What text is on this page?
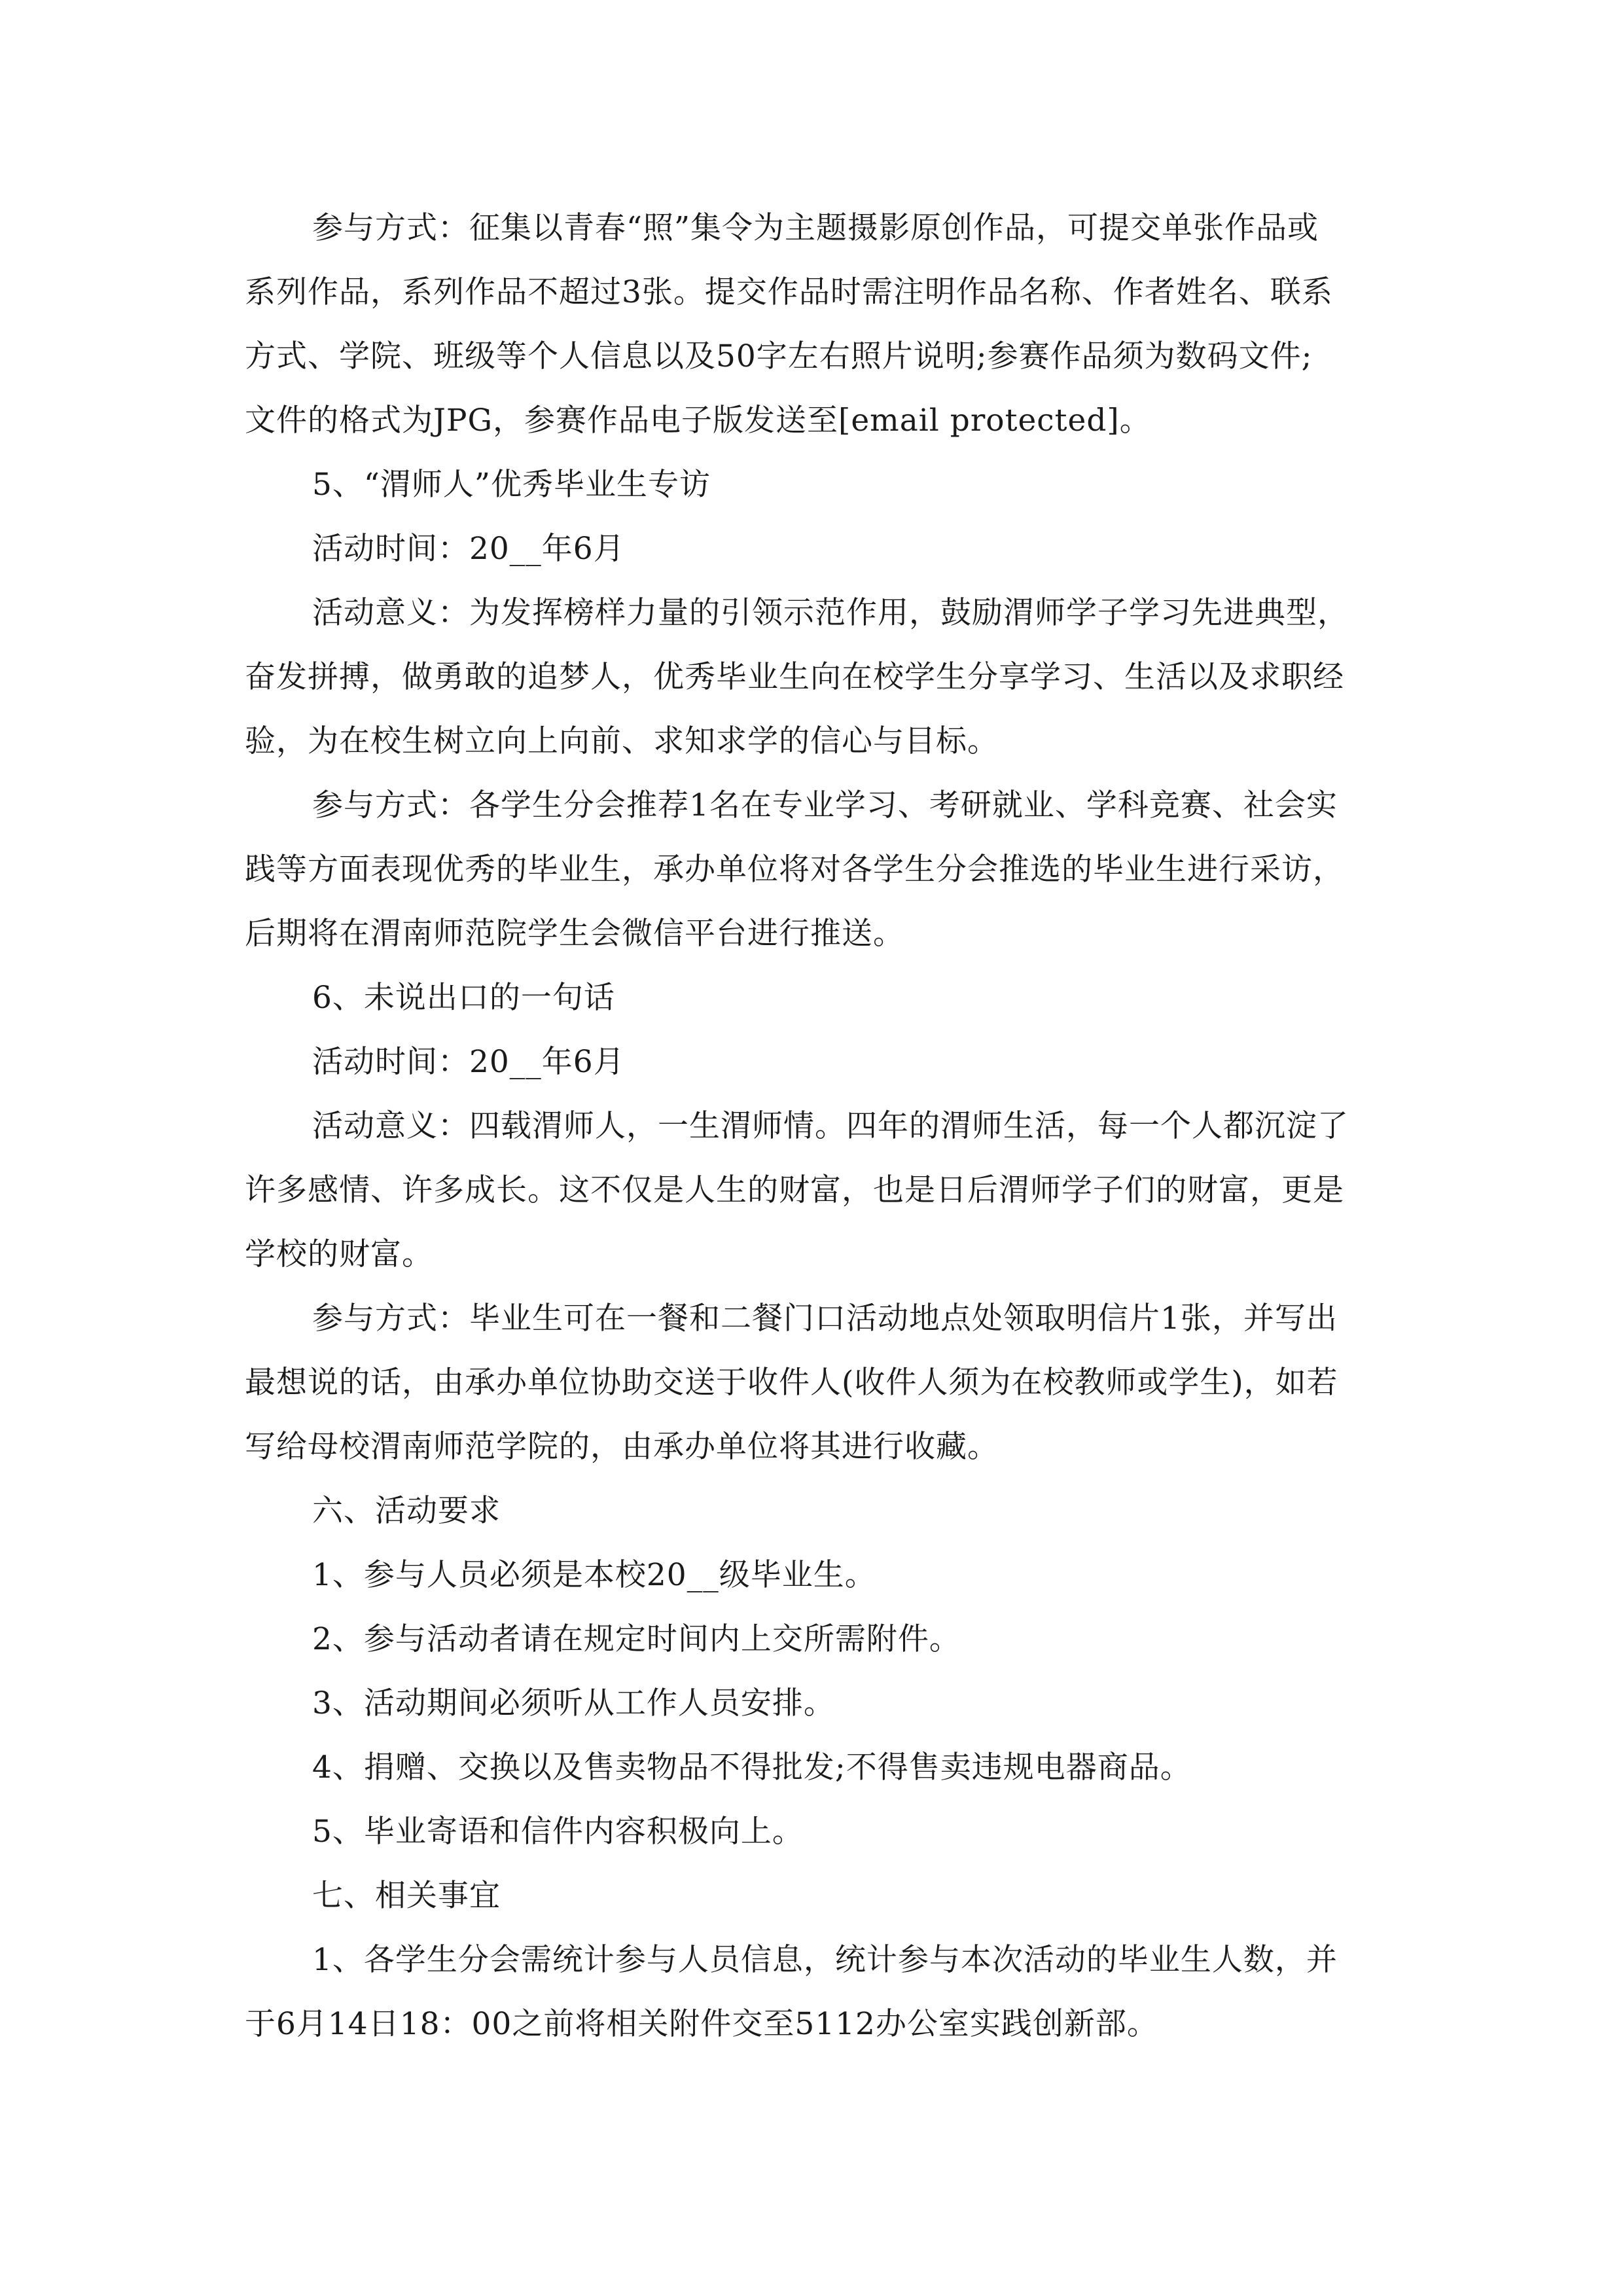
参与方式：征集以青春“照”集令为主题摄影原创作品，可提交单张作品或

系列作品，系列作品不超过3张。提交作品时需注明作品名称、作者姓名、联系

方式、学院、班级等个人信息以及50字左右照片说明;参赛作品须为数码文件;

文件的格式为JPG，参赛作品电子版发送至[email protected]。

5、“渭师人”优秀毕业生专访

活动时间：20__年6月

活动意义：为发挥榜样力量的引领示范作用，鼓励渭师学子学习先进典型，

奋发拼搏，做勇敢的追梦人，优秀毕业生向在校学生分享学习、生活以及求职经

验，为在校生树立向上向前、求知求学的信心与目标。

参与方式：各学生分会推荐1名在专业学习、考研就业、学科竞赛、社会实

践等方面表现优秀的毕业生，承办单位将对各学生分会推选的毕业生进行采访，

后期将在渭南师范院学生会微信平台进行推送。

6、未说出口的一句话

活动时间：20__年6月

活动意义：四载渭师人，一生渭师情。四年的渭师生活，每一个人都沉淀了

许多感情、许多成长。这不仅是人生的财富，也是日后渭师学子们的财富，更是

学校的财富。

参与方式：毕业生可在一餐和二餐门口活动地点处领取明信片1张，并写出

最想说的话，由承办单位协助交送于收件人(收件人须为在校教师或学生)，如若

写给母校渭南师范学院的，由承办单位将其进行收藏。

六、活动要求

1、参与人员必须是本校20__级毕业生。

2、参与活动者请在规定时间内上交所需附件。

3、活动期间必须听从工作人员安排。

4、捐赠、交换以及售卖物品不得批发;不得售卖违规电器商品。

5、毕业寄语和信件内容积极向上。

七、相关事宜

1、各学生分会需统计参与人员信息，统计参与本次活动的毕业生人数，并

于6月14日18：00之前将相关附件交至5112办公室实践创新部。
